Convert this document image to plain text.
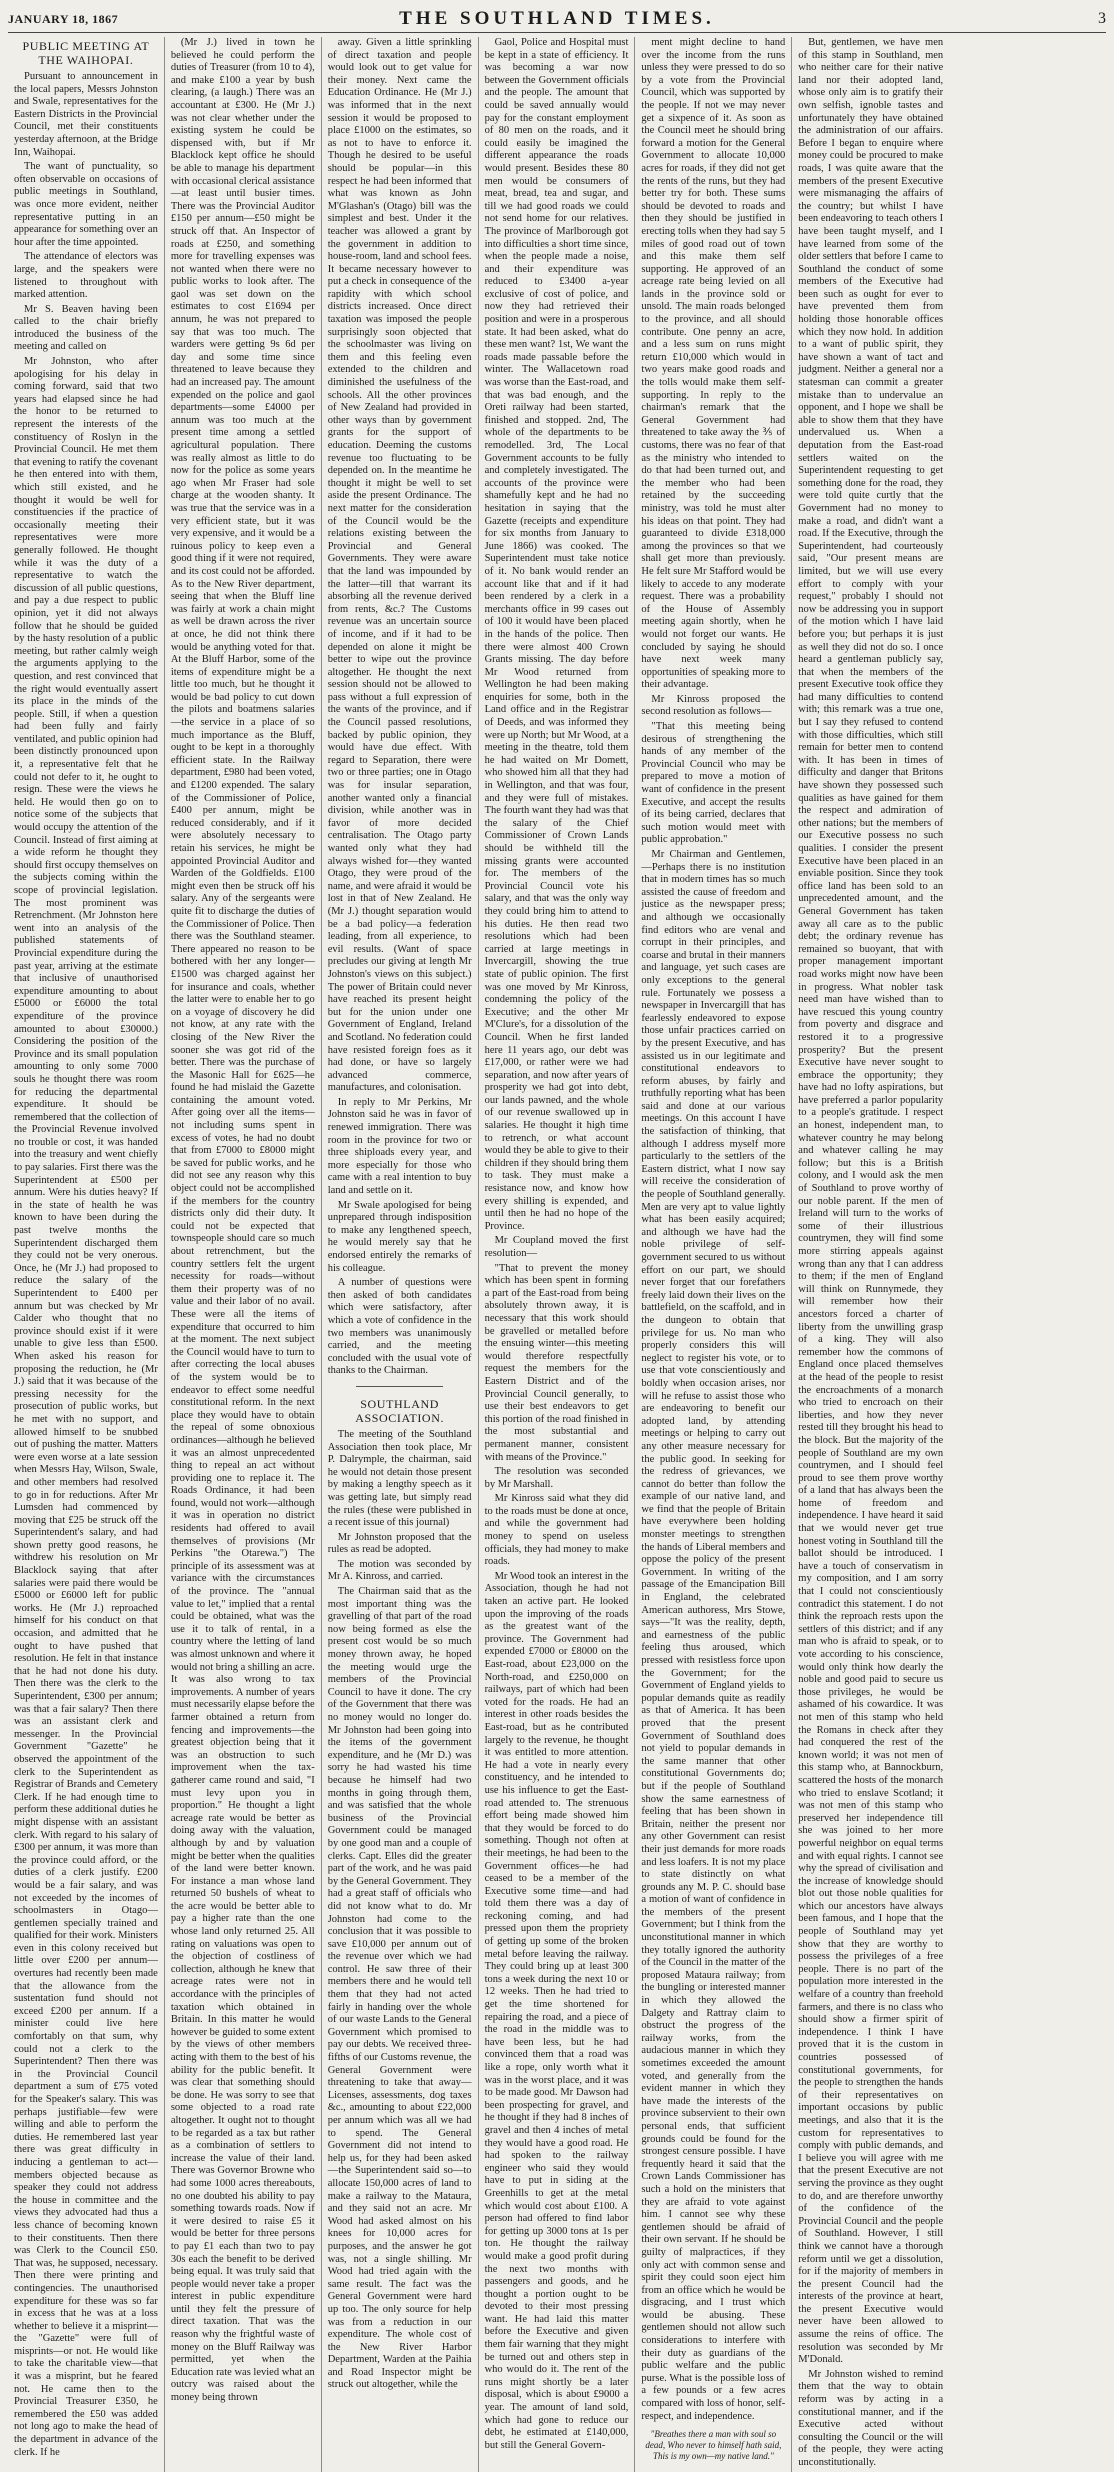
JANUARY 18, 1867	THE SOUTHLAND TIMES.	3
PUBLIC MEETING AT THE WAIHOPAI.

Pursuant to announcement in the local papers, Messrs Johnston and Swale, representatives for the Eastern Districts in the Provincial Council, met their constituents yesterday afternoon, at the Bridge Inn, Waihopai.

The want of punctuality, so often observable on occasions of public meetings in Southland, was once more evident, neither representative putting in an appearance for something over an hour after the time appointed.

The attendance of electors was large, and the speakers were listened to throughout with marked attention.

Mr S. Beaven having been called to the chair briefly introduced the business of the meeting and called on

Mr Johnston, who after apologising for his delay in coming forward, said that two years had elapsed since he had the honor to be returned to represent the interests of the constituency of Roslyn in the Provincial Council. He met them that evening to ratify the covenant he then entered into with them, which still existed, and he thought it would be well for constituencies if the practice of occasionally meeting their representatives were more generally followed. He thought while it was the duty of a representative to watch the discussion of all public questions, and pay a due respect to public opinion, yet it did not always follow that he should be guided by the hasty resolution of a public meeting, but rather calmly weigh the arguments applying to the question, and rest convinced that the right would eventually assert its place in the minds of the people. Still, if when a question had been fully and fairly ventilated, and public opinion had been distinctly pronounced upon it, a representative felt that he could not defer to it, he ought to resign. These were the views he held. He would then go on to notice some of the subjects that would occupy the attention of the Council. Instead of first aiming at a wide reform he thought they should first occupy themselves on the subjects coming within the scope of provincial legislation. The most prominent was Retrenchment. (Mr Johnston here went into an analysis of the published statements of Provincial expenditure during the past year, arriving at the estimate that inclusive of unauthorised expenditure amounting to about £5000 or £6000 the total expenditure of the province amounted to about £30000.) Considering the position of the Province and its small population amounting to only some 7000 souls he thought there was room for reducing the departmental expenditure. It should be remembered that the collection of the Provincial Revenue involved no trouble or cost, it was handed into the treasury and went chiefly to pay salaries. First there was the Superintendent at £500 per annum. Were his duties heavy? If in the state of health he was known to have been during the past twelve months the Superintendent discharged them they could not be very onerous. Once, he (Mr J.) had proposed to reduce the salary of the Superintendent to £400 per annum but was checked by Mr Calder who thought that no province should exist if it were unable to give less than £500. When asked his reason for proposing the reduction, he (Mr J.) said that it was because of the pressing necessity for the prosecution of public works, but he met with no support, and allowed himself to be snubbed out of pushing the matter. Matters were even worse at a late session when Messrs Hay, Wilson, Swale, and other members had resolved to go in for reductions. After Mr Lumsden had commenced by moving that £25 be struck off the Superintendent's salary, and had shown pretty good reasons, he withdrew his resolution on Mr Blacklock saying that after salaries were paid there would be £5000 or £6000 left for public works. He (Mr J.) reproached himself for his conduct on that occasion, and admitted that he ought to have pushed that resolution. He felt in that instance that he had not done his duty. Then there was the clerk to the Superintendent, £300 per annum; was that a fair salary? Then there was an assistant clerk and messenger. In the Provincial Government "Gazette" he observed the appointment of the clerk to the Superintendent as Registrar of Brands and Cemetery Clerk. If he had enough time to perform these additional duties he might dispense with an assistant clerk. With regard to his salary of £300 per annum, it was more than the province could afford, or the duties of a clerk justify. £200 would be a fair salary, and was not exceeded by the incomes of schoolmasters in Otago—gentlemen specially trained and qualified for their work. Ministers even in this colony received but little over £200 per annum—overtures had recently been made that the allowance from the sustentation fund should not exceed £200 per annum. If a minister could live here comfortably on that sum, why could not a clerk to the Superintendent? Then there was in the Provincial Council department a sum of £75 voted for the Speaker's salary. This was perhaps justifiable—few were willing and able to perform the duties. He remembered last year there was great difficulty in inducing a gentleman to act—members objected because as speaker they could not address the house in committee and the views they advocated had thus a less chance of becoming known to their constituents. Then there was Clerk to the Council £50. That was, he supposed, necessary. Then there were printing and contingencies. The unauthorised expenditure for these was so far in excess that he was at a loss whether to believe it a misprint—the "Gazette" were full of misprints—or not. He would like to take the charitable view—that it was a misprint, but he feared not. He came then to the Provincial Treasurer £350, he remembered the £50 was added not long ago to make the head of the department in advance of the clerk. If he

(Mr J.) lived in town he believed he could perform the duties of Treasurer (from 10 to 4), and make £100 a year by bush clearing, (a laugh.) There was an accountant at £300. He (Mr J.) was not clear whether under the existing system he could be dispensed with, but if Mr Blacklock kept office he should be able to manage his department with occasional clerical assistance—at least until busier times. There was the Provincial Auditor £150 per annum—£50 might be struck off that. An Inspector of roads at £250, and something more for travelling expenses was not wanted when there were no public works to look after. The gaol was set down on the estimates to cost £1694 per annum, he was not prepared to say that was too much. The warders were getting 9s 6d per day and some time since threatened to leave because they had an increased pay. The amount expended on the police and gaol departments—some £4000 per annum was too much at the present time among a settled agricultural population. There was really almost as little to do now for the police as some years ago when Mr Fraser had sole charge at the wooden shanty. It was true that the service was in a very efficient state, but it was very expensive, and it would be a ruinous policy to keep even a good thing if it were not required, and its cost could not be afforded. As to the New River department, seeing that when the Bluff line was fairly at work a chain might as well be drawn across the river at once, he did not think there would be anything voted for that. At the Bluff Harbor, some of the items of expenditure might be a little too much, but he thought it would be bad policy to cut down the pilots and boatmens salaries—the service in a place of so much importance as the Bluff, ought to be kept in a thoroughly efficient state. In the Railway department, £980 had been voted, and £1200 expended. The salary of the Commissioner of Police, £400 per annum, might be reduced considerably, and if it were absolutely necessary to retain his services, he might be appointed Provincial Auditor and Warden of the Goldfields. £100 might even then be struck off his salary. Any of the sergeants were quite fit to discharge the duties of the Commissioner of Police. Then there was the Southland steamer. There appeared no reason to be bothered with her any longer—£1500 was charged against her for insurance and coals, whether the latter were to enable her to go on a voyage of discovery he did not know, at any rate with the closing of the New River the sooner she was got rid of the better. There was the purchase of the Masonic Hall for £625—he found he had mislaid the Gazette containing the amount voted. After going over all the items—not including sums spent in excess of votes, he had no doubt that from £7000 to £8000 might be saved for public works, and he did not see any reason why this object could not be accomplished if the members for the country districts only did their duty. It could not be expected that townspeople should care so much about retrenchment, but the country settlers felt the urgent necessity for roads—without them their property was of no value and their labor of no avail. These were all the items of expenditure that occurred to him at the moment. The next subject the Council would have to turn to after correcting the local abuses of the system would be to endeavor to effect some needful constitutional reform. In the next place they would have to obtain the repeal of some obnoxious ordinances—although he believed it was an almost unprecedented thing to repeal an act without providing one to replace it. The Roads Ordinance, it had been found, would not work—although it was in operation no district residents had offered to avail themselves of provisions (Mr Perkins "the Otarewa.") The principle of its assessment was at variance with the circumstances of the province. The "annual value to let," implied that a rental could be obtained, what was the use it to talk of rental, in a country where the letting of land was almost unknown and where it would not bring a shilling an acre. It was also wrong to tax improvements. A number of years must necessarily elapse before the farmer obtained a return from fencing and improvements—the greatest objection being that it was an obstruction to such improvement when the tax-gatherer came round and said, "I must levy upon you in proportion." He thought a light acreage rate would be better as doing away with the valuation, although by and by valuation might be better when the qualities of the land were better known. For instance a man whose land returned 50 bushels of wheat to the acre would be better able to pay a higher rate than the one whose land only returned 25. All rating on valuations was open to the objection of costliness of collection, although he knew that acreage rates were not in accordance with the principles of taxation which obtained in Britain. In this matter he would however be guided to some extent by the views of other members acting with them to the best of his ability for the public benefit. It was clear that something should be done. He was sorry to see that some objected to a road rate altogether. It ought not to thought to be regarded as a tax but rather as a combination of settlers to increase the value of their land. There was Governor Browne who had some 1000 acres thereabouts, no one doubted his ability to pay something towards roads. Now if it were desired to raise £5 it would be better for three persons to pay £1 each than two to pay 30s each the benefit to be derived being equal. It was truly said that people would never take a proper interest in public expenditure until they felt the pressure of direct taxation. That was the reason why the frightful waste of money on the Bluff Railway was permitted, yet when the Education rate was levied what an outcry was raised about the money being thrown

away. Given a little sprinkling of direct taxation and people would look out to get value for their money. Next came the Education Ordinance. He (Mr J.) was informed that in the next session it would be proposed to place £1000 on the estimates, so as not to have to enforce it. Though he desired to be useful should be popular—in this respect he had been informed that what was known as John M'Glashan's (Otago) bill was the simplest and best. Under it the teacher was allowed a grant by the government in addition to house-room, land and school fees. It became necessary however to put a check in consequence of the rapidity with which school districts increased. Once direct taxation was imposed the people surprisingly soon objected that the schoolmaster was living on them and this feeling even extended to the children and diminished the usefulness of the schools. All the other provinces of New Zealand had provided in other ways than by government grants for the support of education. Deeming the customs revenue too fluctuating to be depended on. In the meantime he thought it might be well to set aside the present Ordinance. The next matter for the consideration of the Council would be the relations existing between the Provincial and General Governments. They were aware that the land was impounded by the latter—till that warrant its absorbing all the revenue derived from rents, &c.? The Customs revenue was an uncertain source of income, and if it had to be depended on alone it might be better to wipe out the province altogether. He thought the next session should not be allowed to pass without a full expression of the wants of the province, and if the Council passed resolutions, backed by public opinion, they would have due effect. With regard to Separation, there were two or three parties; one in Otago was for insular separation, another wanted only a financial division, while another was in favor of more decided centralisation. The Otago party wanted only what they had always wished for—they wanted Otago, they were proud of the name, and were afraid it would be lost in that of New Zealand. He (Mr J.) thought separation would be a bad policy—a federation leading, from all experience, to evil results. (Want of space precludes our giving at length Mr Johnston's views on this subject.) The power of Britain could never have reached its present height but for the union under one Government of England, Ireland and Scotland. No federation could have resisted foreign foes as it had done, or have so largely advanced commerce, manufactures, and colonisation.

In reply to Mr Perkins, Mr Johnston said he was in favor of renewed immigration. There was room in the province for two or three shiploads every year, and more especially for those who came with a real intention to buy land and settle on it.

Mr Swale apologised for being unprepared through indisposition to make any lengthened speech, he would merely say that he endorsed entirely the remarks of his colleague.

A number of questions were then asked of both candidates which were satisfactory, after which a vote of confidence in the two members was unanimously carried, and the meeting concluded with the usual vote of thanks to the Chairman.

SOUTHLAND ASSOCIATION.

The meeting of the Southland Association then took place, Mr P. Dalrymple, the chairman, said he would not detain those present by making a lengthy speech as it was getting late, but simply read the rules (these were published in a recent issue of this journal)

Mr Johnston proposed that the rules as read be adopted.

The motion was seconded by Mr A. Kinross, and carried.

The Chairman said that as the most important thing was the gravelling of that part of the road now being formed as else the present cost would be so much money thrown away, he hoped the meeting would urge the members of the Provincial Council to have it done. The cry of the Government that there was no money would no longer do. Mr Johnston had been going into the items of the government expenditure, and he (Mr D.) was sorry he had wasted his time because he himself had two months in going through them, and was satisfied that the whole business of the Provincial Government could be managed by one good man and a couple of clerks. Capt. Elles did the greater part of the work, and he was paid by the General Government. They had a great staff of officials who did not know what to do. Mr Johnston had come to the conclusion that it was possible to save £10,000 per annum out of the revenue over which we had control. He saw three of their members there and he would tell them that they had not acted fairly in handing over the whole of our waste Lands to the General Government which promised to pay our debts. We received three-fifths of our Customs revenue, the General Government were threatening to take that away—Licenses, assessments, dog taxes &c., amounting to about £22,000 per annum which was all we had to spend. The General Government did not intend to help us, for they had been asked—the Superintendent said so—to allocate 150,000 acres of land to make a railway to the Mataura, and they said not an acre. Mr Wood had asked almost on his knees for 10,000 acres for purposes, and the answer he got was, not a single shilling. Mr Wood had tried again with the same result. The fact was the General Government were hard up too. The only source for help was from a reduction in our expenditure. The whole cost of the New River Harbor Department, Warden at the Paihia and Road Inspector might be struck out altogether, while the

Gaol, Police and Hospital must be kept in a state of efficiency. It was becoming a war now between the Government officials and the people. The amount that could be saved annually would pay for the constant employment of 80 men on the roads, and it could easily be imagined the different appearance the roads would present. Besides these 80 men would be consumers of meat, bread, tea and sugar, and till we had good roads we could not send home for our relatives. The province of Marlborough got into difficulties a short time since, when the people made a noise, and their expenditure was reduced to £3400 a-year exclusive of cost of police, and now they had retrieved their position and were in a prosperous state. It had been asked, what do these men want? 1st, We want the roads made passable before the winter. The Wallacetown road was worse than the East-road, and that was bad enough, and the Oreti railway had been started, finished and stopped. 2nd, The whole of the departments to be remodelled. 3rd, The Local Government accounts to be fully and completely investigated. The accounts of the province were shamefully kept and he had no hesitation in saying that the Gazette (receipts and expenditure for six months from January to June 1866) was cooked. The Superintendent must take notice of it. No bank would render an account like that and if it had been rendered by a clerk in a merchants office in 99 cases out of 100 it would have been placed in the hands of the police. Then there were almost 400 Crown Grants missing. The day before Mr Wood returned from Wellington he had been making enquiries for some, both in the Land office and in the Registrar of Deeds, and was informed they were up North; but Mr Wood, at a meeting in the theatre, told them he had waited on Mr Domett, who showed him all that they had in Wellington, and that was four, and they were full of mistakes. The fourth want they had was that the salary of the Chief Commissioner of Crown Lands should be withheld till the missing grants were accounted for. The members of the Provincial Council vote his salary, and that was the only way they could bring him to attend to his duties. He then read two resolutions which had been carried at large meetings in Invercargill, showing the true state of public opinion. The first was one moved by Mr Kinross, condemning the policy of the Executive; and the other Mr M'Clure's, for a dissolution of the Council. When he first landed here 11 years ago, our debt was £17,000, or rather were we had separation, and now after years of prosperity we had got into debt, our lands pawned, and the whole of our revenue swallowed up in salaries. He thought it high time to retrench, or what account would they be able to give to their children if they should bring them to task. They must make a resistance now, and know how every shilling is expended, and until then he had no hope of the Province.

Mr Coupland moved the first resolution—

"That to prevent the money which has been spent in forming a part of the East-road from being absolutely thrown away, it is necessary that this work should be gravelled or metalled before the ensuing winter—this meeting would therefore respectfully request the members for the Eastern District and of the Provincial Council generally, to use their best endeavors to get this portion of the road finished in the most substantial and permanent manner, consistent with means of the Province."

The resolution was seconded by Mr Marshall.

Mr Kinross said what they did to the roads must be done at once, and while the government had money to spend on useless officials, they had money to make roads.

Mr Wood took an interest in the Association, though he had not taken an active part. He looked upon the improving of the roads as the greatest want of the province. The Government had expended £7000 or £8000 on the East-road, about £23,000 on the North-road, and £250,000 on railways, part of which had been voted for the roads. He had an interest in other roads besides the East-road, but as he contributed largely to the revenue, he thought it was entitled to more attention. He had a vote in nearly every constituency, and he intended to use his influence to get the East-road attended to. The strenuous effort being made showed him that they would be forced to do something. Though not often at their meetings, he had been to the Government offices—he had ceased to be a member of the Executive some time—and had told them there was a day of reckoning coming, and had pressed upon them the propriety of getting up some of the broken metal before leaving the railway. They could bring up at least 300 tons a week during the next 10 or 12 weeks. Then he had tried to get the time shortened for repairing the road, and a piece of the road in the middle was to have been less, but he had convinced them that a road was like a rope, only worth what it was in the worst place, and it was to be made good. Mr Dawson had been prospecting for gravel, and he thought if they had 8 inches of gravel and then 4 inches of metal they would have a good road. He had spoken to the railway engineer who said they would have to put in siding at the Greenhills to get at the metal which would cost about £100. A person had offered to find labor for getting up 3000 tons at 1s per ton. He thought the railway would make a good profit during the next two months with passengers and goods, and he thought a portion ought to be devoted to their most pressing want. He had laid this matter before the Executive and given them fair warning that they might be turned out and others step in who would do it. The rent of the runs might shortly be a later disposal, which is about £9000 a year. The amount of land sold, which had gone to reduce our debt, he estimated at £140,000, but still the General Govern-

ment might decline to hand over the income from the runs unless they were pressed to do so by a vote from the Provincial Council, which was supported by the people. If not we may never get a sixpence of it. As soon as the Council meet he should bring forward a motion for the General Government to allocate 10,000 acres for roads, if they did not get the rents of the runs, but they had better try for both. These sums should be devoted to roads and then they should be justified in erecting tolls when they had say 5 miles of good road out of town and this make them self supporting. He approved of an acreage rate being levied on all lands in the province sold or unsold. The main roads belonged to the province, and all should contribute. One penny an acre, and a less sum on runs might return £10,000 which would in two years make good roads and the tolls would make them self-supporting. In reply to the chairman's remark that the General Government had threatened to take away the ⅗ of customs, there was no fear of that as the ministry who intended to do that had been turned out, and the member who had been retained by the succeeding ministry, was told he must alter his ideas on that point. They had guaranteed to divide £318,000 among the provinces so that we shall get more than previously. He felt sure Mr Stafford would be likely to accede to any moderate request. There was a probability of the House of Assembly meeting again shortly, when he would not forget our wants. He concluded by saying he should have next week many opportunities of speaking more to their advantage.

Mr Kinross proposed the second resolution as follows—

"That this meeting being desirous of strengthening the hands of any member of the Provincial Council who may be prepared to move a motion of want of confidence in the present Executive, and accept the results of its being carried, declares that such motion would meet with public approbation."

Mr Chairman and Gentlemen,—Perhaps there is no institution that in modern times has so much assisted the cause of freedom and justice as the newspaper press; and although we occasionally find editors who are venal and corrupt in their principles, and coarse and brutal in their manners and language, yet such cases are only exceptions to the general rule. Fortunately we possess a newspaper in Invercargill that has fearlessly endeavored to expose those unfair practices carried on by the present Executive, and has assisted us in our legitimate and constitutional endeavors to reform abuses, by fairly and truthfully reporting what has been said and done at our various meetings. On this account I have the satisfaction of thinking, that although I address myself more particularly to the settlers of the Eastern district, what I now say will receive the consideration of the people of Southland generally. Men are very apt to value lightly what has been easily acquired; and although we have had the noble privilege of self-government secured to us without effort on our part, we should never forget that our forefathers freely laid down their lives on the battlefield, on the scaffold, and in the dungeon to obtain that privilege for us. No man who properly considers this will neglect to register his vote, or to use that vote conscientiously and boldly when occasion arises, nor will he refuse to assist those who are endeavoring to benefit our adopted land, by attending meetings or helping to carry out any other measure necessary for the public good. In seeking for the redress of grievances, we cannot do better than follow the example of our native land, and we find that the people of Britain have everywhere been holding monster meetings to strengthen the hands of Liberal members and oppose the policy of the present Government. In writing of the passage of the Emancipation Bill in England, the celebrated American authoress, Mrs Stowe, says—"It was the reality, depth, and earnestness of the public feeling thus aroused, which pressed with resistless force upon the Government; for the Government of England yields to popular demands quite as readily as that of America. It has been proved that the present Government of Southland does not yield to popular demands in the same manner that other constitutional Governments do; but if the people of Southland show the same earnestness of feeling that has been shown in Britain, neither the present nor any other Government can resist their just demands for more roads and less loafers. It is not my place to state distinctly on what grounds any M. P. C. should base a motion of want of confidence in the members of the present Government; but I think from the unconstitutional manner in which they totally ignored the authority of the Council in the matter of the proposed Mataura railway; from the bungling or interested manner in which they allowed the Dalgety and Rattray claim to obstruct the progress of the railway works, from the audacious manner in which they sometimes exceeded the amount voted, and generally from the evident manner in which they have made the interests of the province subservient to their own personal ends, that sufficient grounds could be found for the strongest censure possible. I have frequently heard it said that the Crown Lands Commissioner has such a hold on the ministers that they are afraid to vote against him. I cannot see why these gentlemen should be afraid of their own servant. If he should be guilty of malpractices, if they only act with common sense and spirit they could soon eject him from an office which he would be disgracing, and I trust which would be abusing. These gentlemen should not allow such considerations to interfere with their duty as guardians of the public welfare and the public purse. What is the possible loss of a few pounds or a few acres compared with loss of honor, self-respect, and independence.

"Breathes there a man with soul so dead, Who never to himself hath said, This is my own—my native land."

But, gentlemen, we have men of this stamp in Southland, men who neither care for their native land nor their adopted land, whose only aim is to gratify their own selfish, ignoble tastes and unfortunately they have obtained the administration of our affairs. Before I began to enquire where money could be procured to make roads, I was quite aware that the members of the present Executive were mismanaging the affairs of the country; but whilst I have been endeavoring to teach others I have been taught myself, and I have learned from some of the older settlers that before I came to Southland the conduct of some members of the Executive had been such as ought for ever to have prevented them from holding those honorable offices which they now hold. In addition to a want of public spirit, they have shown a want of tact and judgment. Neither a general nor a statesman can commit a greater mistake than to undervalue an opponent, and I hope we shall be able to show them that they have undervalued us. When a deputation from the East-road settlers waited on the Superintendent requesting to get something done for the road, they were told quite curtly that the Government had no money to make a road, and didn't want a road. If the Executive, through the Superintendent, had courteously said, "Our present means are limited, but we will use every effort to comply with your request," probably I should not now be addressing you in support of the motion which I have laid before you; but perhaps it is just as well they did not do so. I once heard a gentleman publicly say, that when the members of the present Executive took office they had many difficulties to contend with; this remark was a true one, but I say they refused to contend with those difficulties, which still remain for better men to contend with. It has been in times of difficulty and danger that Britons have shown they possessed such qualities as have gained for them the respect and admiration of other nations; but the members of our Executive possess no such qualities. I consider the present Executive have been placed in an enviable position. Since they took office land has been sold to an unprecedented amount, and the General Government has taken away all care as to the public debt; the ordinary revenue has remained so buoyant, that with proper management important road works might now have been in progress. What nobler task need man have wished than to have rescued this young country from poverty and disgrace and restored it to a progressive prosperity? But the present Executive have never sought to embrace the opportunity; they have had no lofty aspirations, but have preferred a parlor popularity to a people's gratitude. I respect an honest, independent man, to whatever country he may belong and whatever calling he may follow; but this is a British colony, and I would ask the men of Southland to prove worthy of our noble parent. If the men of Ireland will turn to the works of some of their illustrious countrymen, they will find some more stirring appeals against wrong than any that I can address to them; if the men of England will think on Runnymede, they will remember how their ancestors forced a charter of liberty from the unwilling grasp of a king. They will also remember how the commons of England once placed themselves at the head of the people to resist the encroachments of a monarch who tried to encroach on their liberties, and how they never rested till they brought his head to the block. But the majority of the people of Southland are my own countrymen, and I should feel proud to see them prove worthy of a land that has always been the home of freedom and independence. I have heard it said that we would never get true honest voting in Southland till the ballot should be introduced. I have a touch of conservatism in my composition, and I am sorry that I could not conscientiously contradict this statement. I do not think the reproach rests upon the settlers of this district; and if any man who is afraid to speak, or to vote according to his conscience, would only think how dearly the noble and good paid to secure us those privileges, he would be ashamed of his cowardice. It was not men of this stamp who held the Romans in check after they had conquered the rest of the known world; it was not men of this stamp who, at Bannockburn, scattered the hosts of the monarch who tried to enslave Scotland; it was not men of this stamp who preserved her independence till she was joined to her more powerful neighbor on equal terms and with equal rights. I cannot see why the spread of civilisation and the increase of knowledge should blot out those noble qualities for which our ancestors have always been famous, and I hope that the people of Southland may yet show that they are worthy to possess the privileges of a free people. There is no part of the population more interested in the welfare of a country than freehold farmers, and there is no class who should show a firmer spirit of independence. I think I have proved that it is the custom in countries possessed of constitutional governments, for the people to strengthen the hands of their representatives on important occasions by public meetings, and also that it is the custom for representatives to comply with public demands, and I believe you will agree with me that the present Executive are not serving the province as they ought to do, and are therefore unworthy of the confidence of the Provincial Council and the people of Southland. However, I still think we cannot have a thorough reform until we get a dissolution, for if the majority of members in the present Council had the interests of the province at heart, the present Executive would never have been allowed to assume the reins of office. The resolution was seconded by Mr M'Donald.

Mr Johnston wished to remind them that the way to obtain reform was by acting in a constitutional manner, and if the Executive acted without consulting the Council or the will of the people, they were acting unconstitutionally.
